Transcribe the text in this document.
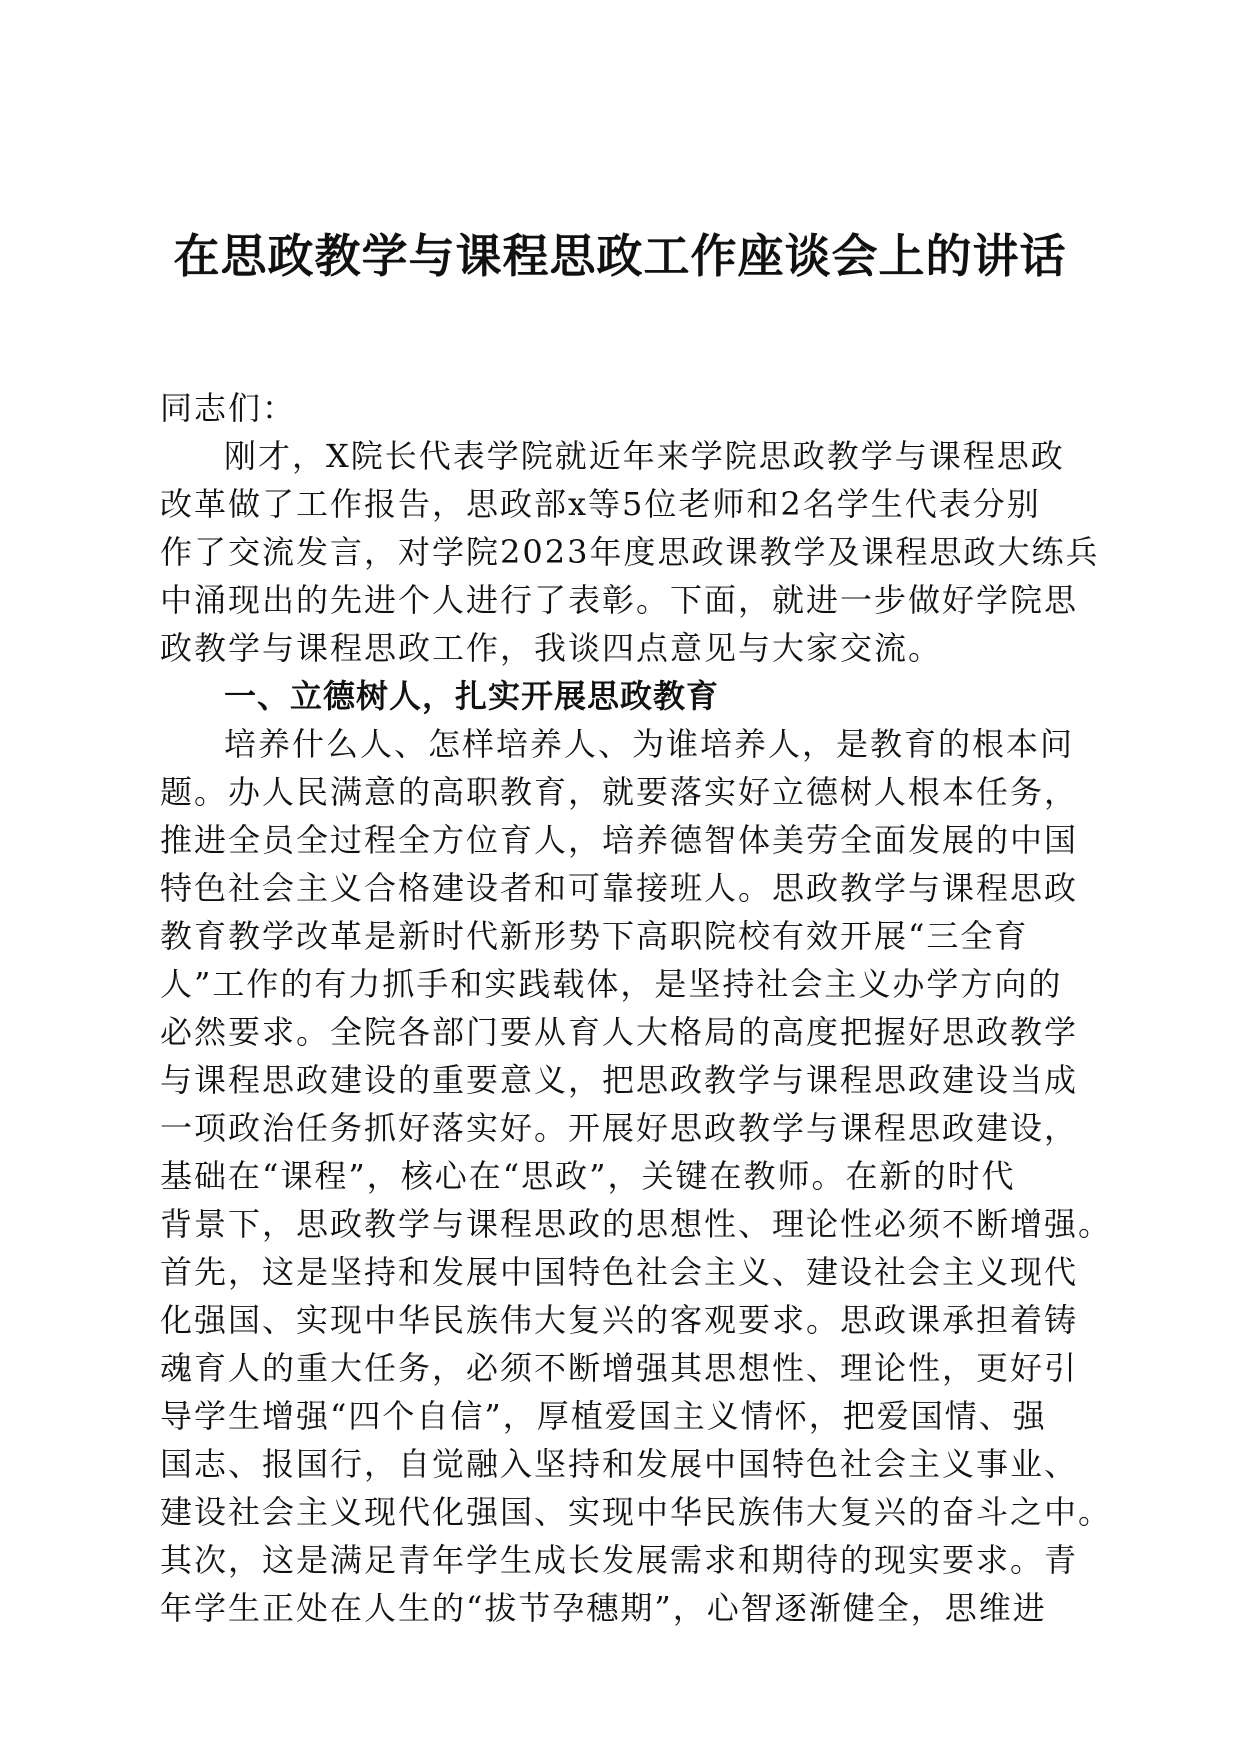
在思政教学与课程思政工作座谈会上的讲话
同志们：
刚才，X院长代表学院就近年来学院思政教学与课程思政
改革做了工作报告，思政部x等5位老师和2名学生代表分别
作了交流发言，对学院2023年度思政课教学及课程思政大练兵
中涌现出的先进个人进行了表彰。下面，就进一步做好学院思
政教学与课程思政工作，我谈四点意见与大家交流。
一、立德树人，扎实开展思政教育
培养什么人、怎样培养人、为谁培养人，是教育的根本问
题。办人民满意的高职教育，就要落实好立德树人根本任务，
推进全员全过程全方位育人，培养德智体美劳全面发展的中国
特色社会主义合格建设者和可靠接班人。思政教学与课程思政
教育教学改革是新时代新形势下高职院校有效开展“三全育
人”工作的有力抓手和实践载体，是坚持社会主义办学方向的
必然要求。全院各部门要从育人大格局的高度把握好思政教学
与课程思政建设的重要意义，把思政教学与课程思政建设当成
一项政治任务抓好落实好。开展好思政教学与课程思政建设，
基础在“课程”，核心在“思政”，关键在教师。在新的时代
背景下，思政教学与课程思政的思想性、理论性必须不断增强。
首先，这是坚持和发展中国特色社会主义、建设社会主义现代
化强国、实现中华民族伟大复兴的客观要求。思政课承担着铸
魂育人的重大任务，必须不断增强其思想性、理论性，更好引
导学生增强“四个自信”，厚植爱国主义情怀，把爱国情、强
国志、报国行，自觉融入坚持和发展中国特色社会主义事业、
建设社会主义现代化强国、实现中华民族伟大复兴的奋斗之中。
其次，这是满足青年学生成长发展需求和期待的现实要求。青
年学生正处在人生的“拔节孕穗期”，心智逐渐健全，思维进
